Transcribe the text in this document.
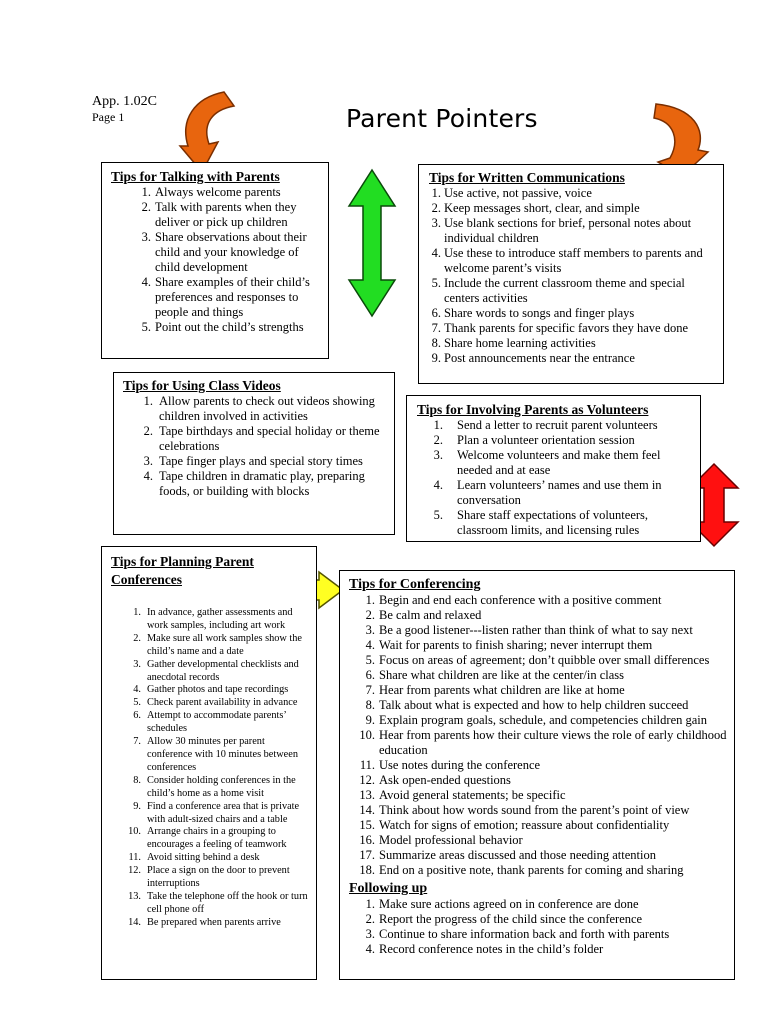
App. 1.02C
Page 1	Parent Pointers
Tips for Talking with Parents
1. Always welcome parents
2. Talk with parents when they deliver or pick up children
3. Share observations about their child and your knowledge of child development
4. Share examples of their child’s preferences and responses to people and things
5. Point out the child’s strengths
Tips for Written Communications
1. Use active, not passive, voice
2. Keep messages short, clear, and simple
3. Use blank sections for brief, personal notes about individual children
4. Use these to introduce staff members to parents and welcome parent’s visits
5. Include the current classroom theme and special centers activities
6. Share words to songs and finger plays
7. Thank parents for specific favors they have done
8. Share home learning activities
9. Post announcements near the entrance
Tips for Using Class Videos
1. Allow parents to check out videos showing children involved in activities
2. Tape birthdays and special holiday or theme celebrations
3. Tape finger plays and special story times
4. Tape children in dramatic play, preparing foods, or building with blocks
Tips for Involving Parents as Volunteers
1. Send a letter to recruit parent volunteers
2. Plan a volunteer orientation session
3. Welcome volunteers and make them feel needed and at ease
4. Learn volunteers’ names and use them in conversation
5. Share staff expectations of volunteers, classroom limits, and licensing rules
Tips for Planning Parent Conferences
1. In advance, gather assessments and work samples, including art work
2. Make sure all work samples show the child’s name and a date
3. Gather developmental checklists and anecdotal records
4. Gather photos and tape recordings
5. Check parent availability in advance
6. Attempt to accommodate parents’ schedules
7. Allow 30 minutes per parent conference with 10 minutes between conferences
8. Consider holding conferences in the child’s home as a home visit
9. Find a conference area that is private with adult-sized chairs and a table
10. Arrange chairs in a grouping to encourages a feeling of teamwork
11. Avoid sitting behind a desk
12. Place a sign on the door to prevent interruptions
13. Take the telephone off the hook or turn cell phone off
14. Be prepared when parents arrive
Tips for Conferencing
1. Begin and end each conference with a positive comment
2. Be calm and relaxed
3. Be a good listener---listen rather than think of what to say next
4. Wait for parents to finish sharing; never interrupt them
5. Focus on areas of agreement; don’t quibble over small differences
6. Share what children are like at the center/in class
7. Hear from parents what children are like at home
8. Talk about what is expected and how to help children succeed
9. Explain program goals, schedule, and competencies children gain
10. Hear from parents how their culture views the role of early childhood education
11. Use notes during the conference
12. Ask open-ended questions
13. Avoid general statements; be specific
14. Think about how words sound from the parent’s point of view
15. Watch for signs of emotion; reassure about confidentiality
16. Model professional behavior
17. Summarize areas discussed and those needing attention
18. End on a positive note, thank parents for coming and sharing
Following up
1. Make sure actions agreed on in conference are done
2. Report the progress of the child since the conference
3. Continue to share information back and forth with parents
4. Record conference notes in the child’s folder
